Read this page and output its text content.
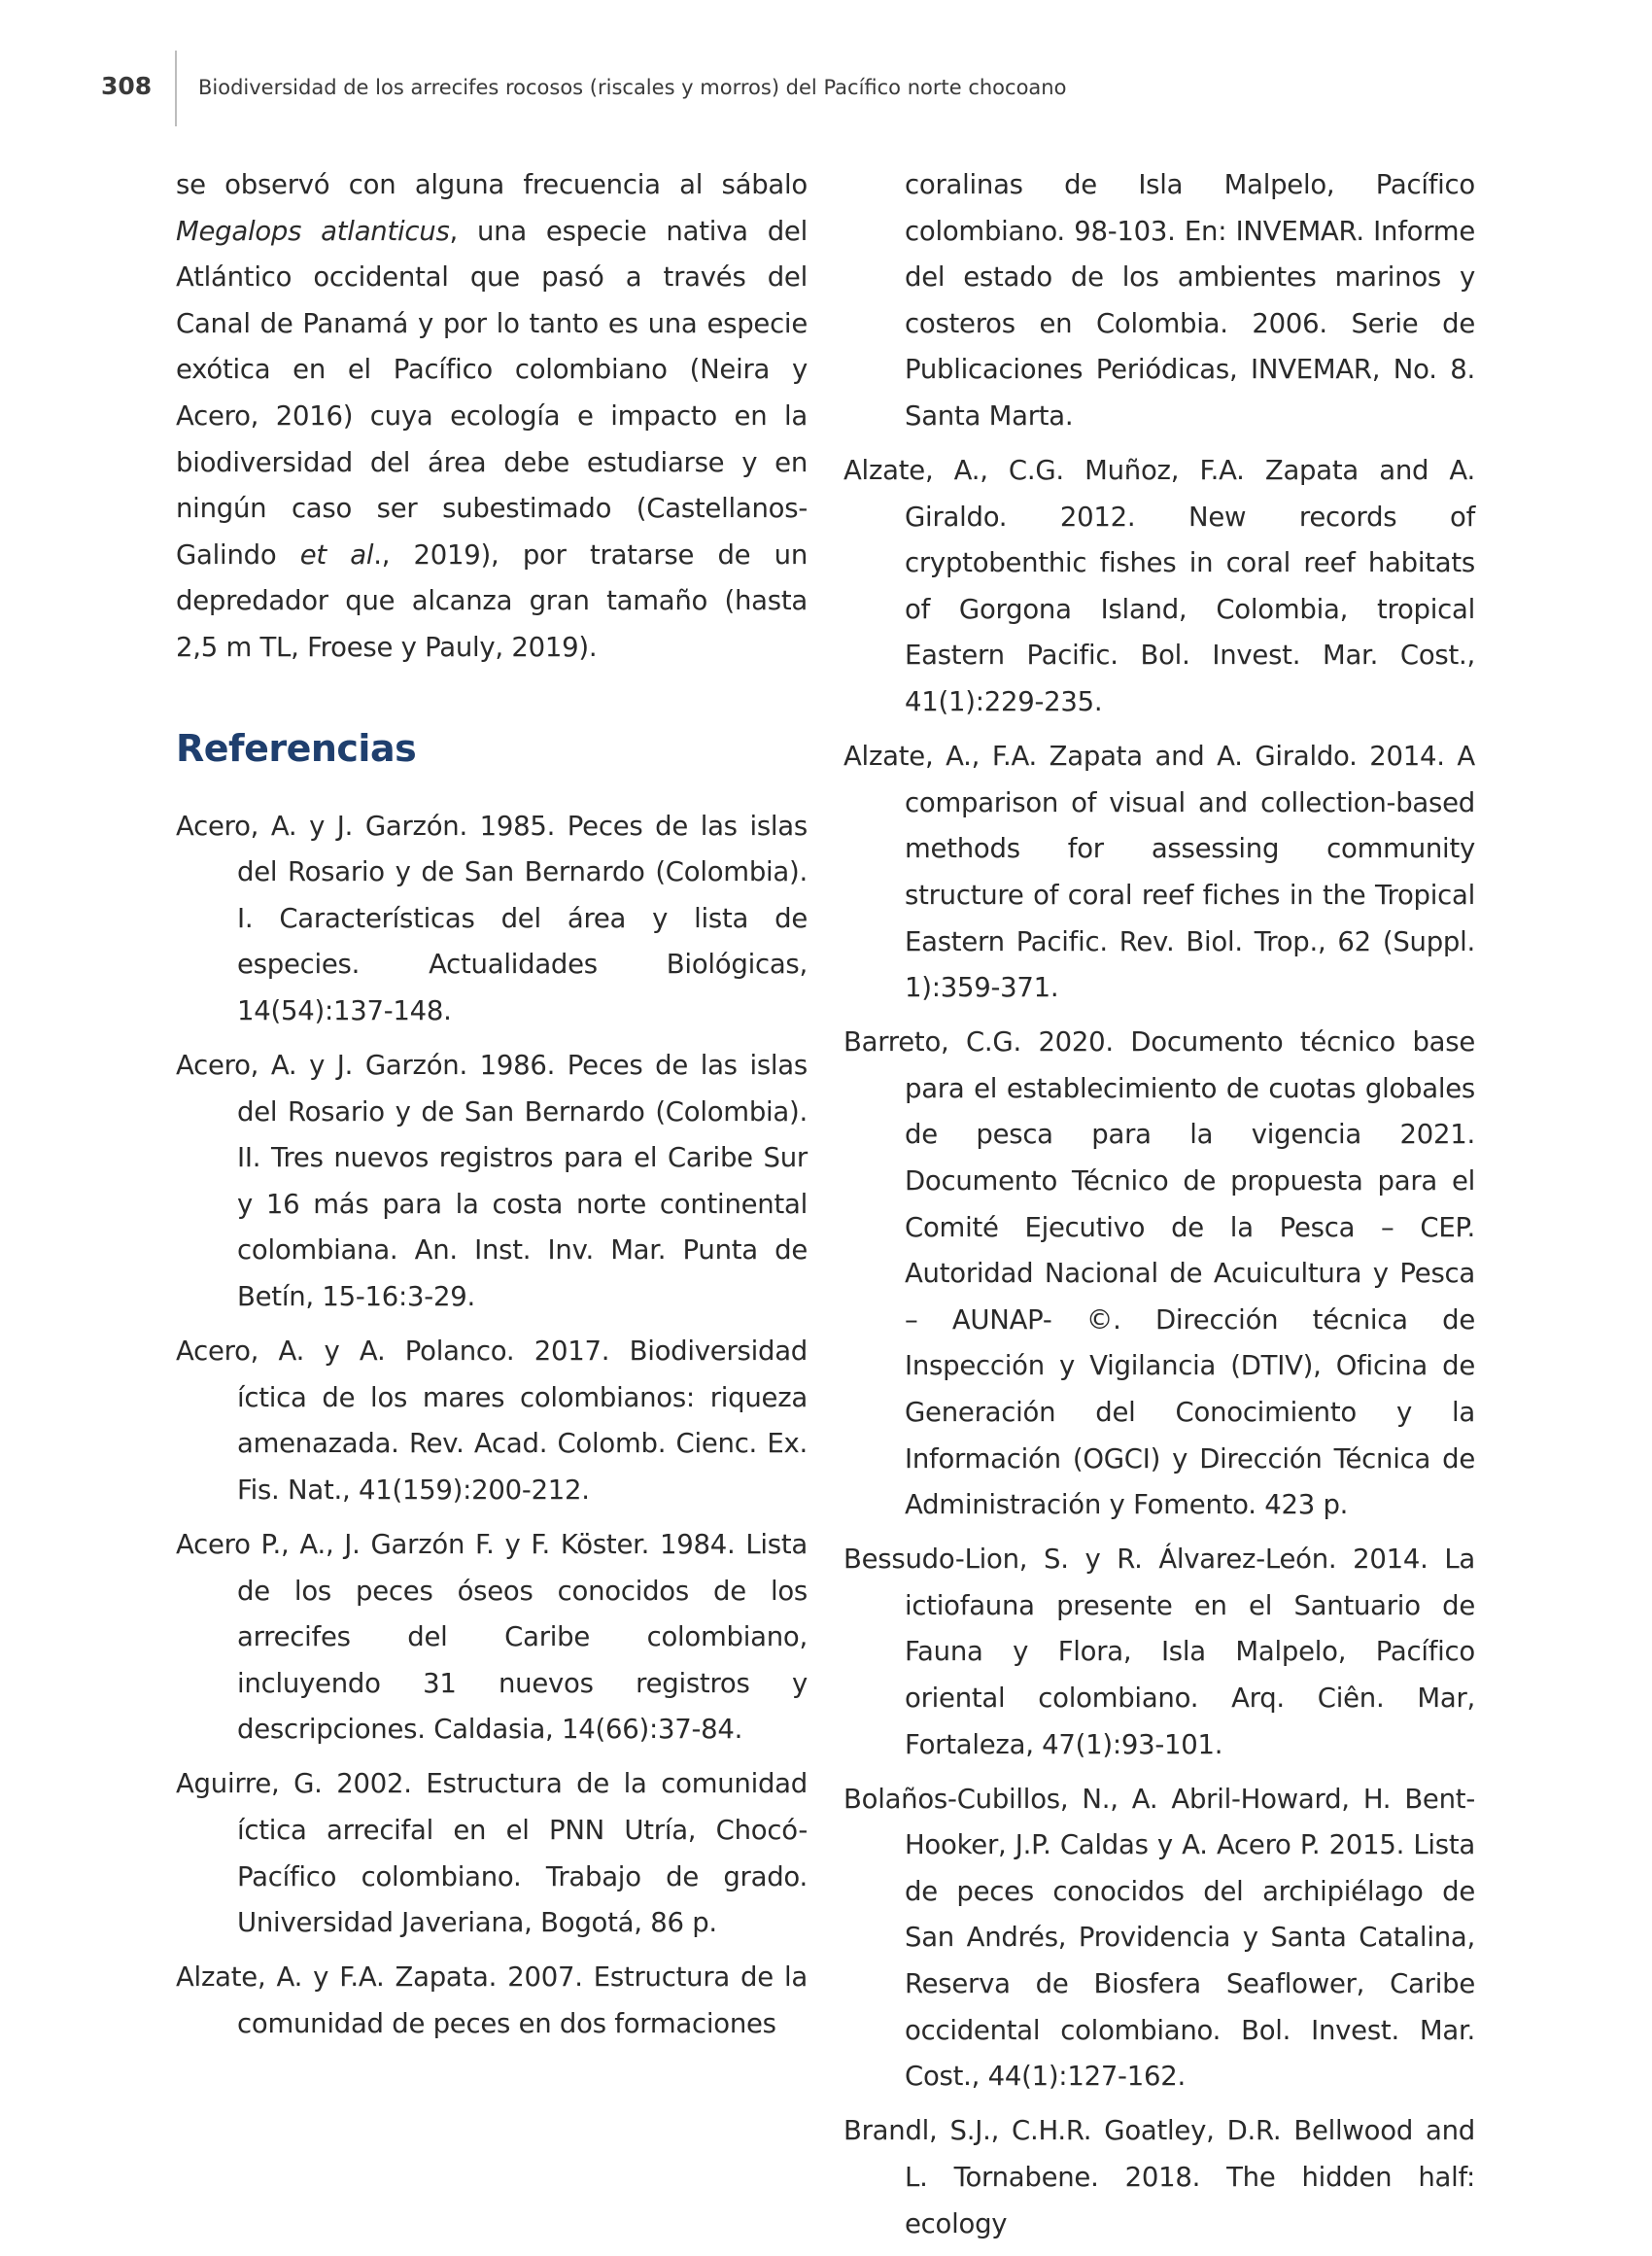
308 Biodiversidad de los arrecifes rocosos (riscales y morros) del Pacífico norte chocoano

se observó con alguna frecuencia al sábalo Megalops atlanticus, una especie nativa del Atlántico occidental que pasó a través del Canal de Panamá y por lo tanto es una especie exótica en el Pacífico colombiano (Neira y Acero, 2016) cuya ecología e impacto en la biodiversidad del área debe estudiarse y en ningún caso ser subestimado (Castellanos-Galindo et al., 2019), por tratarse de un depredador que alcanza gran tamaño (hasta 2,5 m TL, Froese y Pauly, 2019).

Referencias

Acero, A. y J. Garzón. 1985. Peces de las islas del Rosario y de San Bernardo (Colombia). I. Características del área y lista de especies. Actualidades Biológicas, 14(54):137-148.

Acero, A. y J. Garzón. 1986. Peces de las islas del Rosario y de San Bernardo (Colombia). II. Tres nuevos registros para el Caribe Sur y 16 más para la costa norte continental colombiana. An. Inst. Inv. Mar. Punta de Betín, 15-16:3-29.

Acero, A. y A. Polanco. 2017. Biodiversidad íctica de los mares colombianos: riqueza amenazada. Rev. Acad. Colomb. Cienc. Ex. Fis. Nat., 41(159):200-212.

Acero P., A., J. Garzón F. y F. Köster. 1984. Lista de los peces óseos conocidos de los arrecifes del Caribe colombiano, incluyendo 31 nuevos registros y descripciones. Caldasia, 14(66):37-84.

Aguirre, G. 2002. Estructura de la comunidad íctica arrecifal en el PNN Utría, Chocó-Pacífico colombiano. Trabajo de grado. Universidad Javeriana, Bogotá, 86 p.

Alzate, A. y F.A. Zapata. 2007. Estructura de la comunidad de peces en dos formaciones

coralinas de Isla Malpelo, Pacífico colombiano. 98-103. En: INVEMAR. Informe del estado de los ambientes marinos y costeros en Colombia. 2006. Serie de Publicaciones Periódicas, INVEMAR, No. 8. Santa Marta.

Alzate, A., C.G. Muñoz, F.A. Zapata and A. Giraldo. 2012. New records of cryptobenthic fishes in coral reef habitats of Gorgona Island, Colombia, tropical Eastern Pacific. Bol. Invest. Mar. Cost., 41(1):229-235.

Alzate, A., F.A. Zapata and A. Giraldo. 2014. A comparison of visual and collection-based methods for assessing community structure of coral reef fiches in the Tropical Eastern Pacific. Rev. Biol. Trop., 62 (Suppl. 1):359-371.

Barreto, C.G. 2020. Documento técnico base para el establecimiento de cuotas globales de pesca para la vigencia 2021. Documento Técnico de propuesta para el Comité Ejecutivo de la Pesca – CEP. Autoridad Nacional de Acuicultura y Pesca – AUNAP- ©. Dirección técnica de Inspección y Vigilancia (DTIV), Oficina de Generación del Conocimiento y la Información (OGCI) y Dirección Técnica de Administración y Fomento. 423 p.

Bessudo-Lion, S. y R. Álvarez-León. 2014. La ictiofauna presente en el Santuario de Fauna y Flora, Isla Malpelo, Pacífico oriental colombiano. Arq. Ciên. Mar, Fortaleza, 47(1):93-101.

Bolaños-Cubillos, N., A. Abril-Howard, H. Bent-Hooker, J.P. Caldas y A. Acero P. 2015. Lista de peces conocidos del archipiélago de San Andrés, Providencia y Santa Catalina, Reserva de Biosfera Seaflower, Caribe occidental colombiano. Bol. Invest. Mar. Cost., 44(1):127-162.

Brandl, S.J., C.H.R. Goatley, D.R. Bellwood and L. Tornabene. 2018. The hidden half: ecology
